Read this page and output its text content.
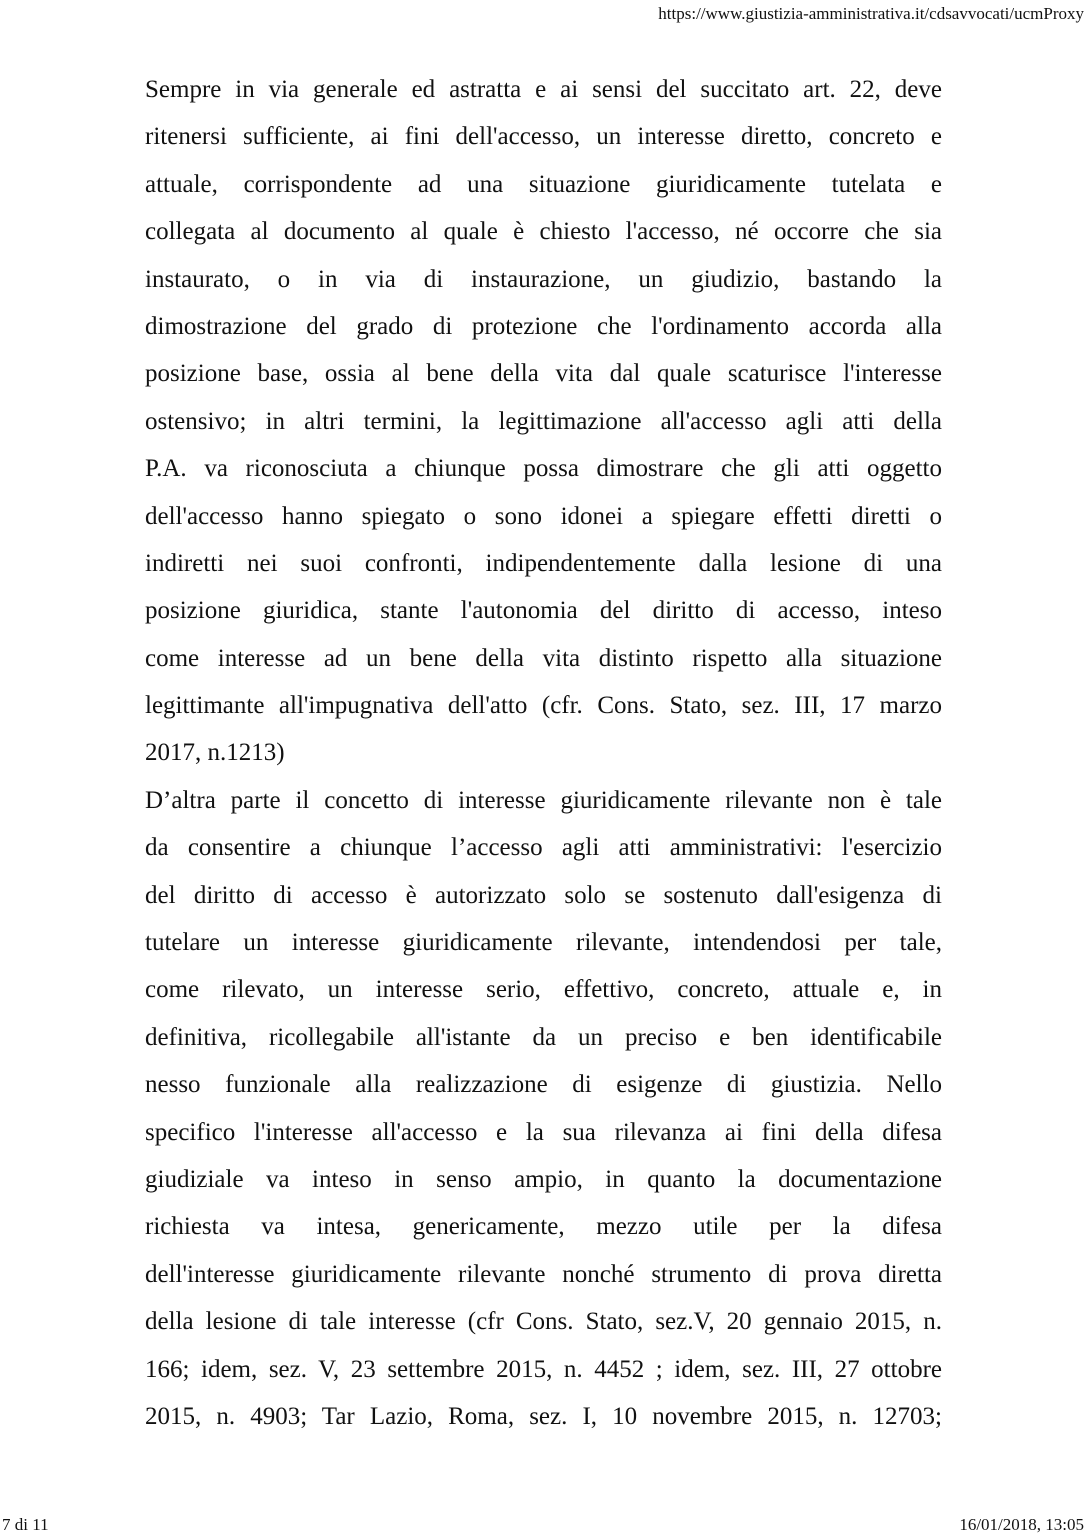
https://www.giustizia-amministrativa.it/cdsavvocati/ucmProxy
Sempre in via generale ed astratta e ai sensi del succitato art. 22, deve
ritenersi sufficiente, ai fini dell'accesso, un interesse diretto, concreto e
attuale, corrispondente ad una situazione giuridicamente tutelata e
collegata al documento al quale è chiesto l'accesso, né occorre che sia
instaurato, o in via di instaurazione, un giudizio, bastando la
dimostrazione del grado di protezione che l'ordinamento accorda alla
posizione base, ossia al bene della vita dal quale scaturisce l'interesse
ostensivo; in altri termini, la legittimazione all'accesso agli atti della
P.A. va riconosciuta a chiunque possa dimostrare che gli atti oggetto
dell'accesso hanno spiegato o sono idonei a spiegare effetti diretti o
indiretti nei suoi confronti, indipendentemente dalla lesione di una
posizione giuridica, stante l'autonomia del diritto di accesso, inteso
come interesse ad un bene della vita distinto rispetto alla situazione
legittimante all'impugnativa dell'atto (cfr. Cons. Stato, sez. III, 17 marzo
2017, n.1213)
D’altra parte il concetto di interesse giuridicamente rilevante non è tale
da consentire a chiunque l’accesso agli atti amministrativi: l'esercizio
del diritto di accesso è autorizzato solo se sostenuto dall'esigenza di
tutelare un interesse giuridicamente rilevante, intendendosi per tale,
come rilevato, un interesse serio, effettivo, concreto, attuale e, in
definitiva, ricollegabile all'istante da un preciso e ben identificabile
nesso funzionale alla realizzazione di esigenze di giustizia. Nello
specifico l'interesse all'accesso e la sua rilevanza ai fini della difesa
giudiziale va inteso in senso ampio, in quanto la documentazione
richiesta va intesa, genericamente, mezzo utile per la difesa
dell'interesse giuridicamente rilevante nonché strumento di prova diretta
della lesione di tale interesse (cfr Cons. Stato, sez.V, 20 gennaio 2015, n.
166; idem, sez. V, 23 settembre 2015, n. 4452 ; idem, sez. III, 27 ottobre
2015, n. 4903; Tar Lazio, Roma, sez. I, 10 novembre 2015, n. 12703;
7 di 11	16/01/2018, 13:05
